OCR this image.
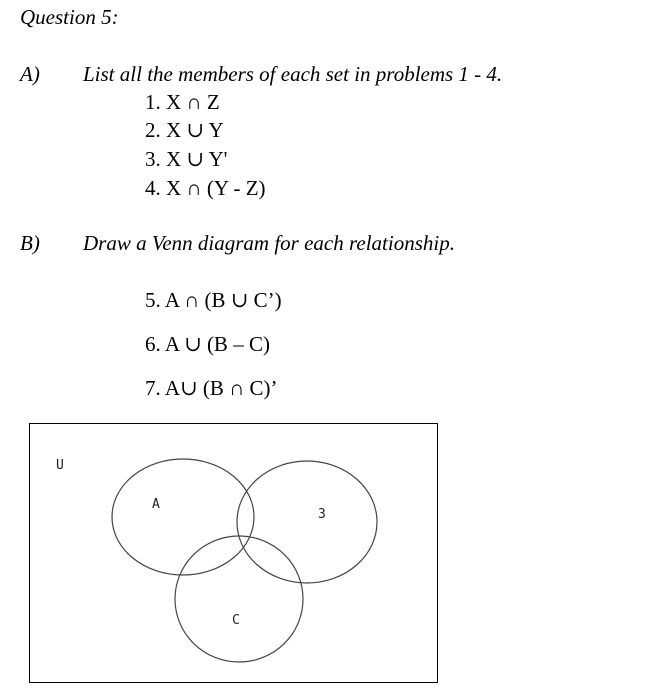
Question 5:
A) List all the members of each set in problems 1 - 4.
1. X ∩ Z
2. X ∪ Y
3. X ∪ Y'
4. X ∩ (Y - Z)
B) Draw a Venn diagram for each relationship.
5. A ∩ (B ∪ C’)
6. A ∪ (B – C)
7. A∪ (B ∩ C)’
U
A
3
C
